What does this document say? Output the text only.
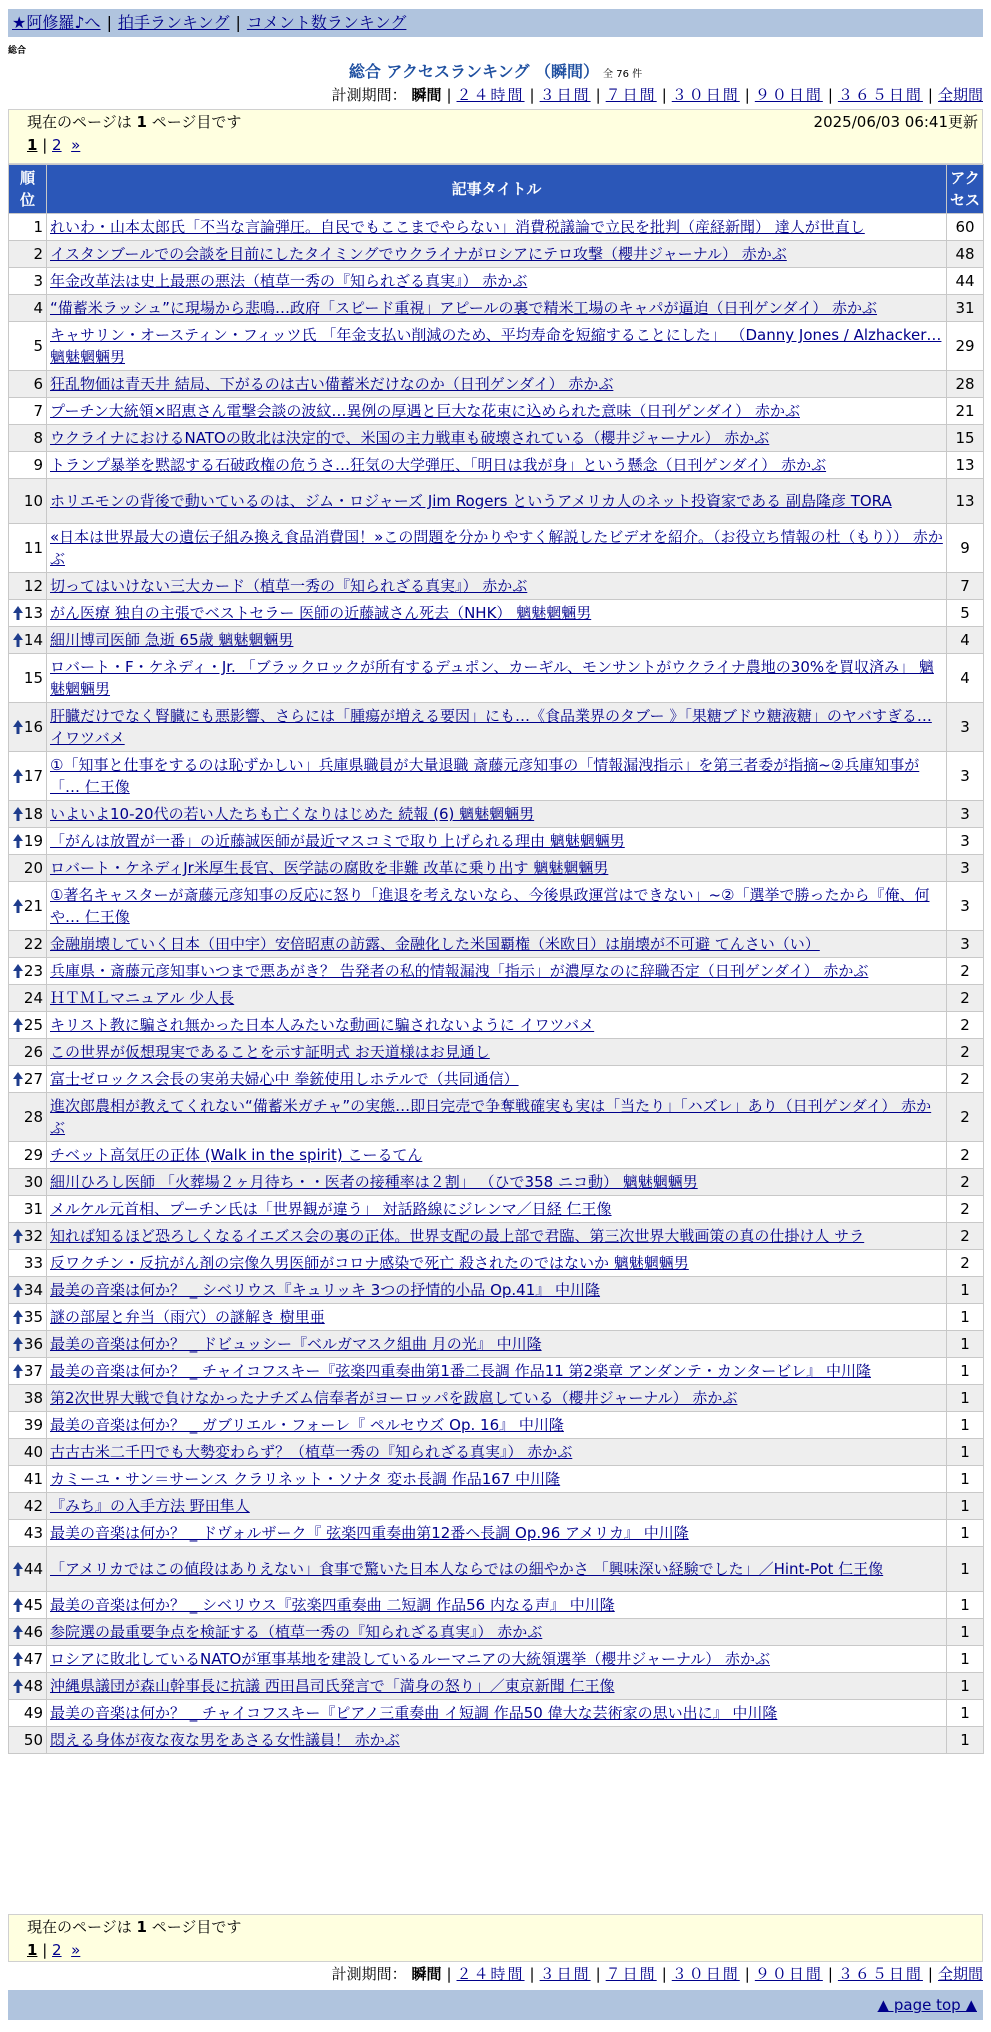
★阿修羅♪へ | 拍手ランキング | コメント数ランキング
総合
総合 アクセスランキング （瞬間） 全 76 件
計測期間： 瞬間 | ２４時間 | ３日間 | ７日間 | ３０日間 | ９０日間 | ３６５日間 | 全期間
現在のページは 1 ページ目です	2025/06/03 06:41更新
1 | 2 »
順位	記事タイトル	アクセス
1	れいわ・山本太郎氏「不当な言論弾圧。自民でもここまでやらない」消費税議論で立民を批判（産経新聞） 達人が世直し	60
2	イスタンブールでの会談を目前にしたタイミングでウクライナがロシアにテロ攻撃（櫻井ジャーナル） 赤かぶ	48
3	年金改革法は史上最悪の悪法（植草一秀の『知られざる真実』） 赤かぶ	44
4	“備蓄米ラッシュ”に現場から悲鳴…政府「スピード重視」アピールの裏で精米工場のキャパが逼迫（日刊ゲンダイ） 赤かぶ	31
5	キャサリン・オースティン・フィッツ氏 「年金支払い削減のため、平均寿命を短縮することにした」 （Danny Jones / Alzhacker… 魑魅魍魎男	29
6	狂乱物価は青天井 結局、下がるのは古い備蓄米だけなのか（日刊ゲンダイ） 赤かぶ	28
7	プーチン大統領×昭恵さん電撃会談の波紋…異例の厚遇と巨大な花束に込められた意味（日刊ゲンダイ） 赤かぶ	21
8	ウクライナにおけるNATOの敗北は決定的で、米国の主力戦車も破壊されている（櫻井ジャーナル） 赤かぶ	15
9	トランプ暴挙を黙認する石破政権の危うさ…狂気の大学弾圧、「明日は我が身」という懸念（日刊ゲンダイ） 赤かぶ	13
10	ホリエモンの背後で動いているのは、ジム・ロジャーズ Jim Rogers というアメリカ人のネット投資家である 副島隆彦 TORA	13
11	«日本は世界最大の遺伝子組み換え食品消費国！»この問題を分かりやすく解説したビデオを紹介。（お役立ち情報の杜（もり）） 赤かぶ	9
12	切ってはいけない三大カード（植草一秀の『知られざる真実』） 赤かぶ	7

13	がん医療 独自の主張でベストセラー 医師の近藤誠さん死去（NHK） 魑魅魍魎男	5

14	細川博司医師 急逝 65歳 魑魅魍魎男	4
15	ロバート・F・ケネディ・Jr. 「ブラックロックが所有するデュポン、カーギル、モンサントがウクライナ農地の30%を買収済み」 魑魅魍魎男	4

16	肝臓だけでなく腎臓にも悪影響、さらには「腫瘍が増える要因」にも…《食品業界のタブー 》「果糖ブドウ糖液糖」のヤバすぎる… イワツバメ	3

17	①「知事と仕事をするのは恥ずかしい」兵庫県職員が大量退職 斎藤元彦知事の「情報漏洩指示」を第三者委が指摘~②兵庫知事が「… 仁王像	3

18	いよいよ10-20代の若い人たちも亡くなりはじめた 続報 (6) 魑魅魍魎男	3

19	「がんは放置が一番」の近藤誠医師が最近マスコミで取り上げられる理由 魑魅魍魎男	3
20	ロバート・ケネディJr米厚生長官、医学誌の腐敗を非難 改革に乗り出す 魑魅魍魎男	3

21	①著名キャスターが斎藤元彦知事の反応に怒り「進退を考えないなら、今後県政運営はできない」~②「選挙で勝ったから『俺、何や… 仁王像	3
22	金融崩壊していく日本（田中宇）安倍昭恵の訪露、金融化した米国覇権（米欧日）は崩壊が不可避 てんさい（い）	3

23	兵庫県・斎藤元彦知事いつまで悪あがき？ 告発者の私的情報漏洩「指示」が濃厚なのに辞職否定（日刊ゲンダイ） 赤かぶ	2
24	ＨＴＭＬマニュアル 少人長	2

25	キリスト教に騙され無かった日本人みたいな動画に騙されないように イワツバメ	2
26	この世界が仮想現実であることを示す証明式 お天道様はお見通し	2

27	富士ゼロックス会長の実弟夫婦心中 拳銃使用しホテルで（共同通信）	2
28	進次郎農相が教えてくれない“備蓄米ガチャ”の実態…即日完売で争奪戦確実も実は「当たり」「ハズレ」あり（日刊ゲンダイ） 赤かぶ	2
29	チベット高気圧の正体 (Walk in the spirit) こーるてん	2
30	細川ひろし医師 「火葬場２ヶ月待ち・・医者の接種率は２割」 （ひで358 ニコ動） 魑魅魍魎男	2
31	メルケル元首相、プーチン氏は「世界観が違う」 対話路線にジレンマ／日経 仁王像	2

32	知れば知るほど恐ろしくなるイエズス会の裏の正体。世界支配の最上部で君臨、第三次世界大戦画策の真の仕掛け人 サラ	2
33	反ワクチン・反抗がん剤の宗像久男医師がコロナ感染で死亡 殺されたのではないか 魑魅魍魎男	2

34	最美の音楽は何か？ _ シベリウス『キュリッキ 3つの抒情的小品 Op.41』 中川隆	1

35	謎の部屋と弁当（雨穴）の謎解き 樹里亜	1

36	最美の音楽は何か？ _ ドビュッシー『ベルガマスク組曲 月の光』 中川隆	1

37	最美の音楽は何か？ _ チャイコフスキー『弦楽四重奏曲第1番二長調 作品11 第2楽章 アンダンテ・カンタービレ』 中川隆	1
38	第2次世界大戦で負けなかったナチズム信奉者がヨーロッパを跋扈している（櫻井ジャーナル） 赤かぶ	1
39	最美の音楽は何か？ _ ガブリエル・フォーレ『 ペルセウズ Op. 16』 中川隆	1
40	古古古米二千円でも大勢変わらず？（植草一秀の『知られざる真実』） 赤かぶ	1
41	カミーユ・サン＝サーンス クラリネット・ソナタ 変ホ長調 作品167 中川隆	1
42	『みち』の入手方法 野田隼人	1
43	最美の音楽は何か？ _ ドヴォルザーク『 弦楽四重奏曲第12番ヘ長調 Op.96 アメリカ』 中川隆	1

44	「アメリカではこの値段はありえない」食事で驚いた日本人ならではの細やかさ 「興味深い経験でした」／Hint-Pot 仁王像	1

45	最美の音楽は何か？ _ シベリウス『弦楽四重奏曲 二短調 作品56 内なる声』 中川隆	1

46	参院選の最重要争点を検証する（植草一秀の『知られざる真実』） 赤かぶ	1

47	ロシアに敗北しているNATOが軍事基地を建設しているルーマニアの大統領選挙（櫻井ジャーナル） 赤かぶ	1

48	沖縄県議団が森山幹事長に抗議 西田昌司氏発言で「満身の怒り」／東京新聞 仁王像	1
49	最美の音楽は何か？ _ チャイコフスキー『ピアノ三重奏曲 イ短調 作品50 偉大な芸術家の思い出に』 中川隆	1
50	悶える身体が夜な夜な男をあさる女性議員！ 赤かぶ	1
現在のページは 1 ページ目です
1 | 2 »
計測期間： 瞬間 | ２４時間 | ３日間 | ７日間 | ３０日間 | ９０日間 | ３６５日間 | 全期間
▲ page top ▲
